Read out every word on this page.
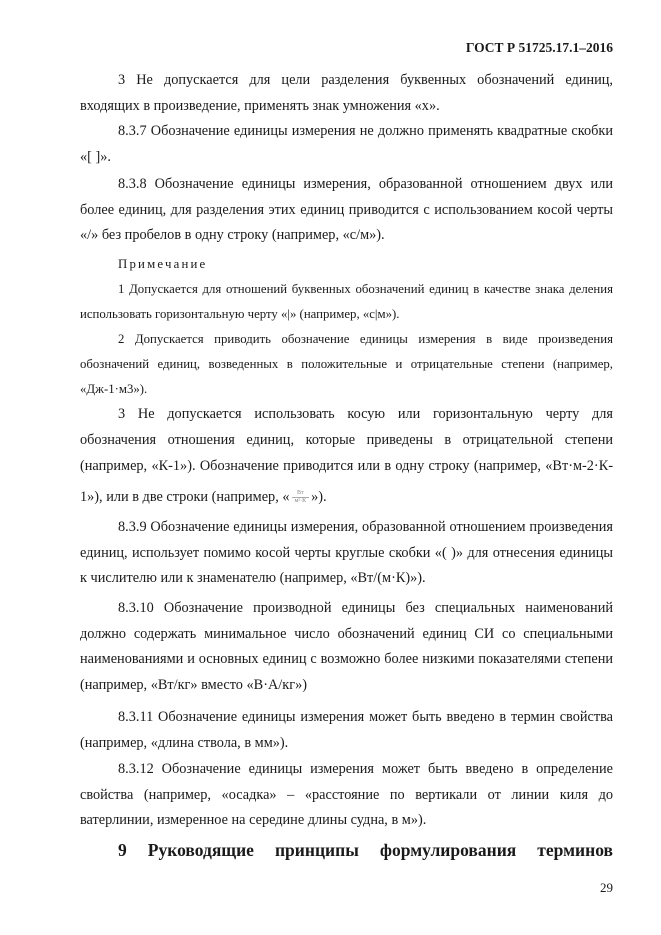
ГОСТ Р 51725.17.1–2016
3 Не допускается для цели разделения буквенных обозначений единиц, входящих в произведение, применять знак умножения «х».
8.3.7 Обозначение единицы измерения не должно применять квадратные скобки «[ ]».
8.3.8 Обозначение единицы измерения, образованной отношением двух или более единиц, для разделения этих единиц приводится с использованием косой черты «/» без пробелов в одну строку (например, «с/м»).
Примечание
1 Допускается для отношений буквенных обозначений единиц в качестве знака деления использовать горизонтальную черту «|» (например, «с|м»).
2 Допускается приводить обозначение единицы измерения в виде произведения обозначений единиц, возведенных в положительные и отрицательные степени (например, «Дж-1·м3»).
3 Не допускается использовать косую или горизонтальную черту для
обозначения отношения единиц, которые приведены в отрицательной степени
(например, «К-1»). Обозначение приводится или в одну строку (например, «Вт·м-2·К-
1»), или в две строки (например, « $\frac{Вт}{\text{м²·К}}$ »).
8.3.9 Обозначение единицы измерения, образованной отношением произведения единиц, использует помимо косой черты круглые скобки «( )» для отнесения единицы к числителю или к знаменателю (например, «Вт/(м·К)»).
8.3.10 Обозначение производной единицы без специальных наименований должно содержать минимальное число обозначений единиц СИ со специальными наименованиями и основных единиц с возможно более низкими показателями степени (например, «Вт/кг» вместо «В·А/кг»)
8.3.11 Обозначение единицы измерения может быть введено в термин свойства (например, «длина ствола, в мм»).
8.3.12 Обозначение единицы измерения может быть введено в определение свойства (например, «осадка» – «расстояние по вертикали от линии киля до ватерлинии, измеренное на середине длины судна, в м»).
9 Руководящие принципы формулирования терминов
29
